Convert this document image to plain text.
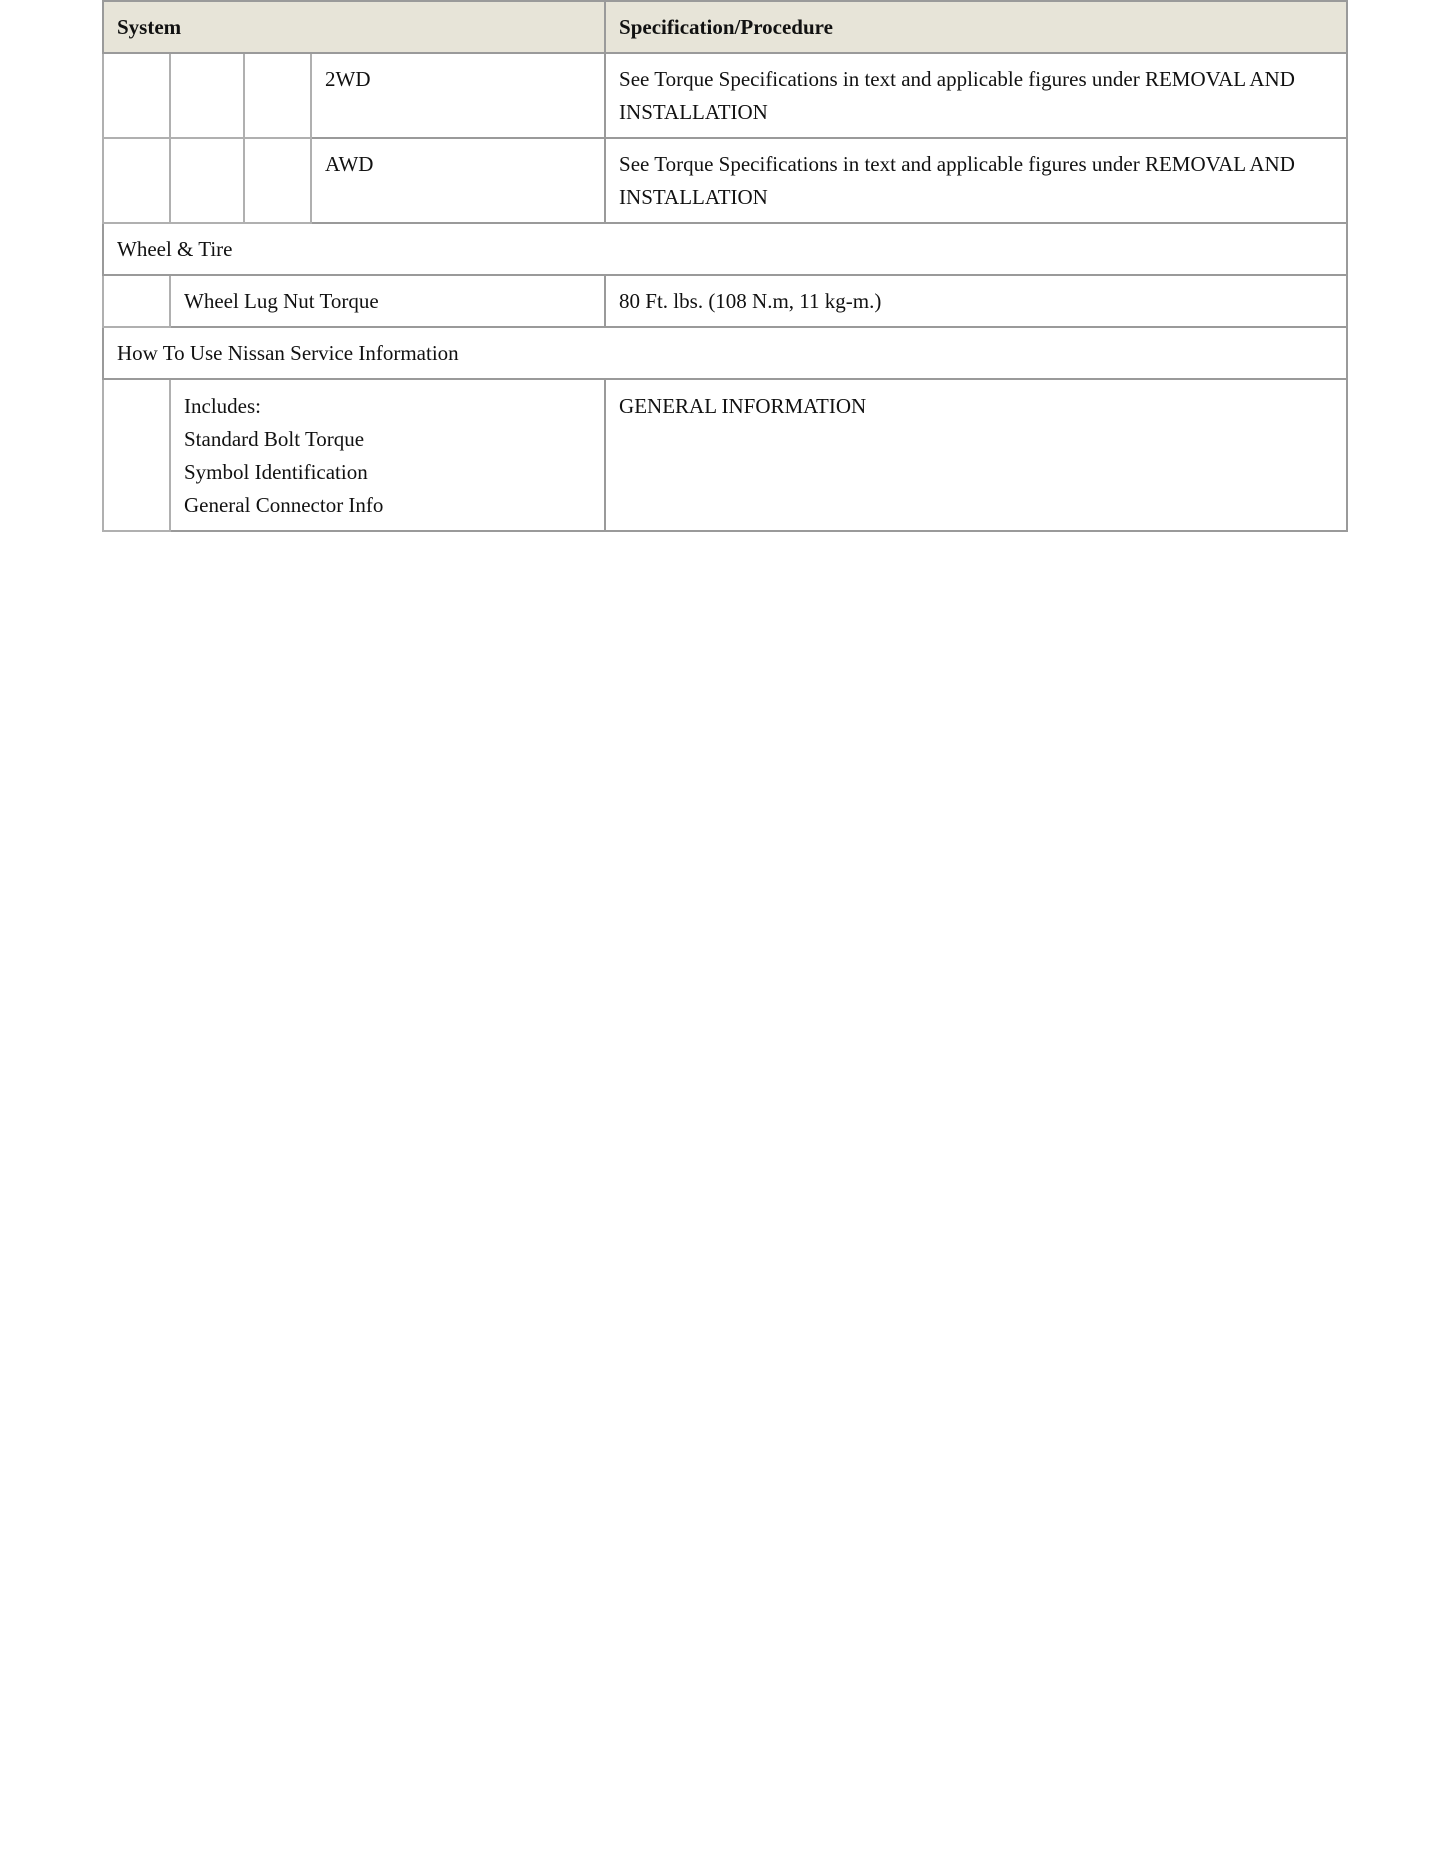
System				Specification/Procedure
			2WD	See Torque Specifications in text and applicable figures under REMOVAL AND INSTALLATION
			AWD	See Torque Specifications in text and applicable figures under REMOVAL AND INSTALLATION
Wheel & Tire				
	Wheel Lug Nut Torque			80 Ft. lbs. (108 N.m, 11 kg-m.)
How To Use Nissan Service Information				

	Includes:
Standard Bolt Torque
Symbol Identification
General Connector Info			GENERAL INFORMATION
